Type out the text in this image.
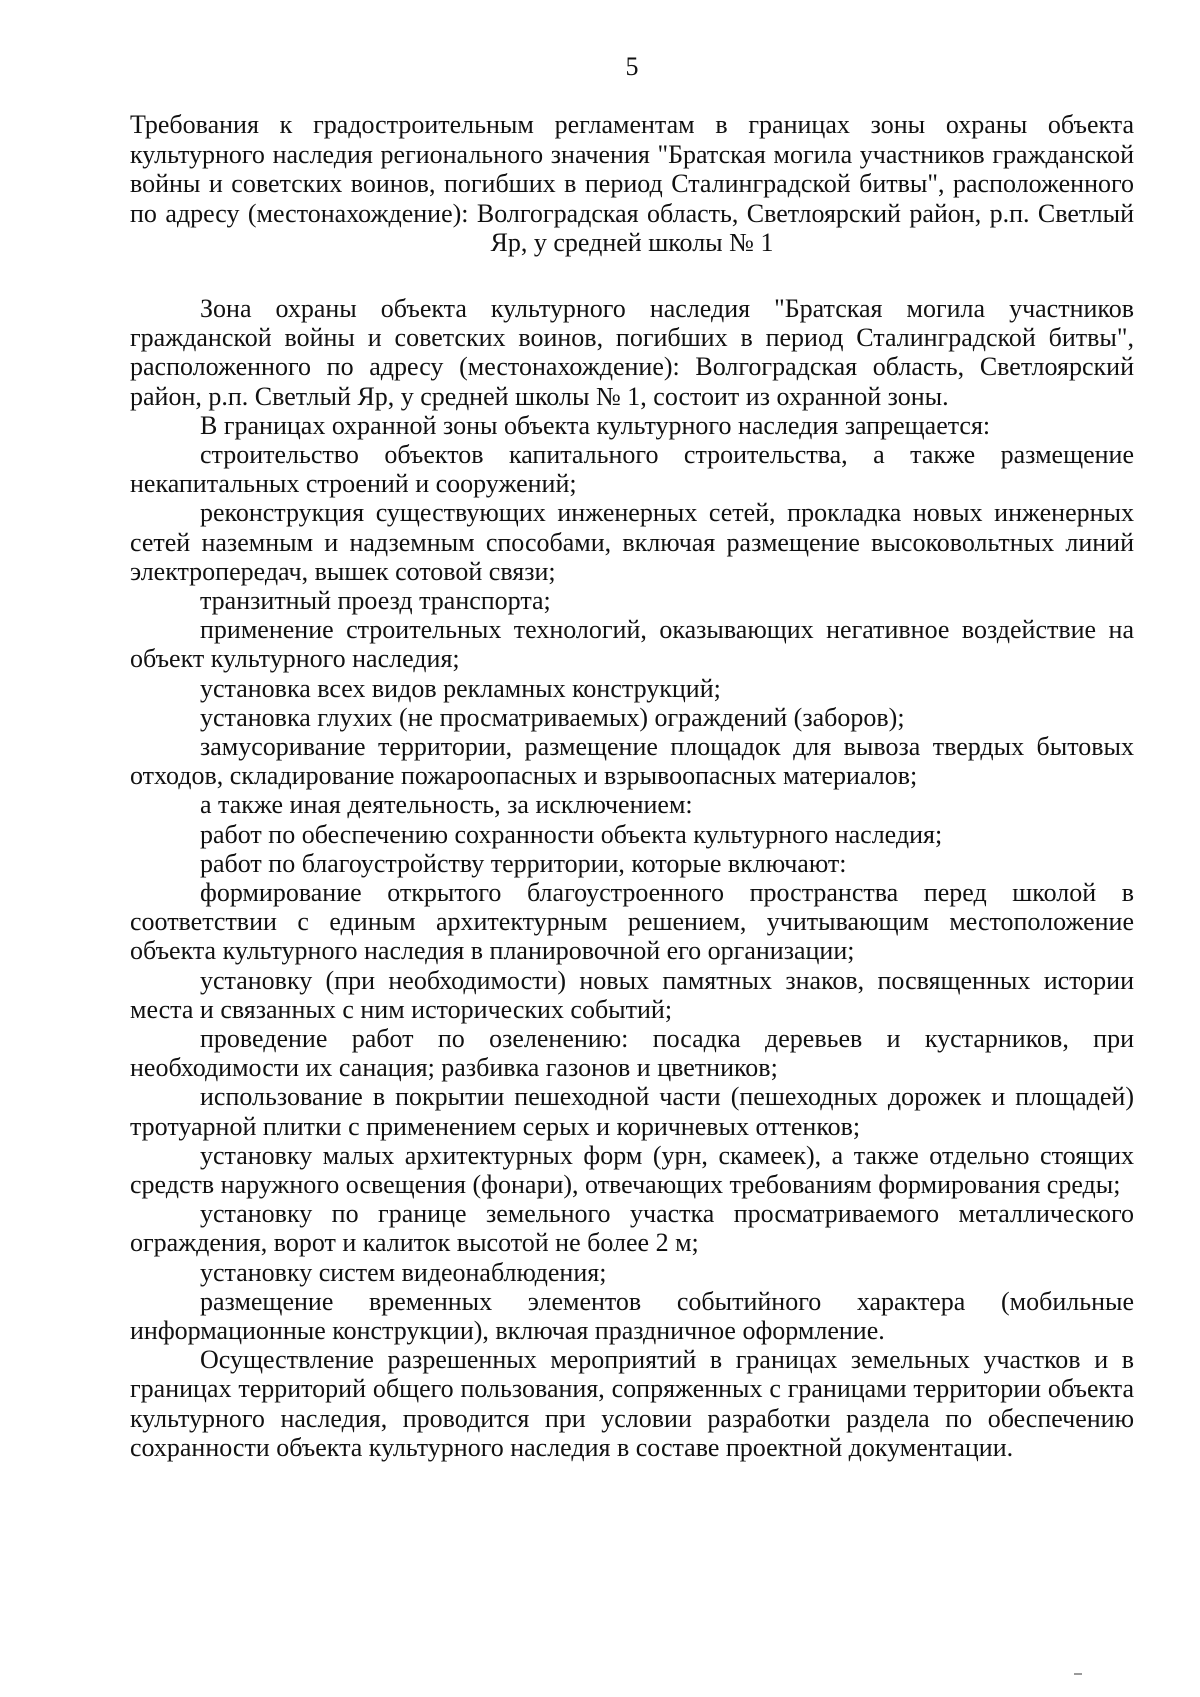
5
Требования к градостроительным регламентам в границах зоны охраны объекта культурного наследия регионального значения "Братская могила участников гражданской войны и советских воинов, погибших в период Сталинградской битвы", расположенного по адресу (местонахождение): Волгоградская область, Светлоярский район, р.п. Светлый Яр, у средней школы № 1

Зона охраны объекта культурного наследия "Братская могила участников гражданской войны и советских воинов, погибших в период Сталинградской битвы", расположенного по адресу (местонахождение): Волгоградская область, Светлоярский район, р.п. Светлый Яр, у средней школы № 1, состоит из охранной зоны.

В границах охранной зоны объекта культурного наследия запрещается:

строительство объектов капитального строительства, а также размещение некапитальных строений и сооружений;

реконструкция существующих инженерных сетей, прокладка новых инженерных сетей наземным и надземным способами, включая размещение высоковольтных линий электропередач, вышек сотовой связи;

транзитный проезд транспорта;

применение строительных технологий, оказывающих негативное воздействие на объект культурного наследия;

установка всех видов рекламных конструкций;

установка глухих (не просматриваемых) ограждений (заборов);

замусоривание территории, размещение площадок для вывоза твердых бытовых отходов, складирование пожароопасных и взрывоопасных материалов;

а также иная деятельность, за исключением:

работ по обеспечению сохранности объекта культурного наследия;

работ по благоустройству территории, которые включают:

формирование открытого благоустроенного пространства перед школой в соответствии с единым архитектурным решением, учитывающим местоположение объекта культурного наследия в планировочной его организации;

установку (при необходимости) новых памятных знаков, посвященных истории места и связанных с ним исторических событий;

проведение работ по озеленению: посадка деревьев и кустарников, при необходимости их санация; разбивка газонов и цветников;

использование в покрытии пешеходной части (пешеходных дорожек и площадей) тротуарной плитки с применением серых и коричневых оттенков;

установку малых архитектурных форм (урн, скамеек), а также отдельно стоящих средств наружного освещения (фонари), отвечающих требованиям формирования среды;

установку по границе земельного участка просматриваемого металлического ограждения, ворот и калиток высотой не более 2 м;

установку систем видеонаблюдения;

размещение временных элементов событийного характера (мобильные информационные конструкции), включая праздничное оформление.

Осуществление разрешенных мероприятий в границах земельных участков и в границах территорий общего пользования, сопряженных с границами территории объекта культурного наследия, проводится при условии разработки раздела по обеспечению сохранности объекта культурного наследия в составе проектной документации.
